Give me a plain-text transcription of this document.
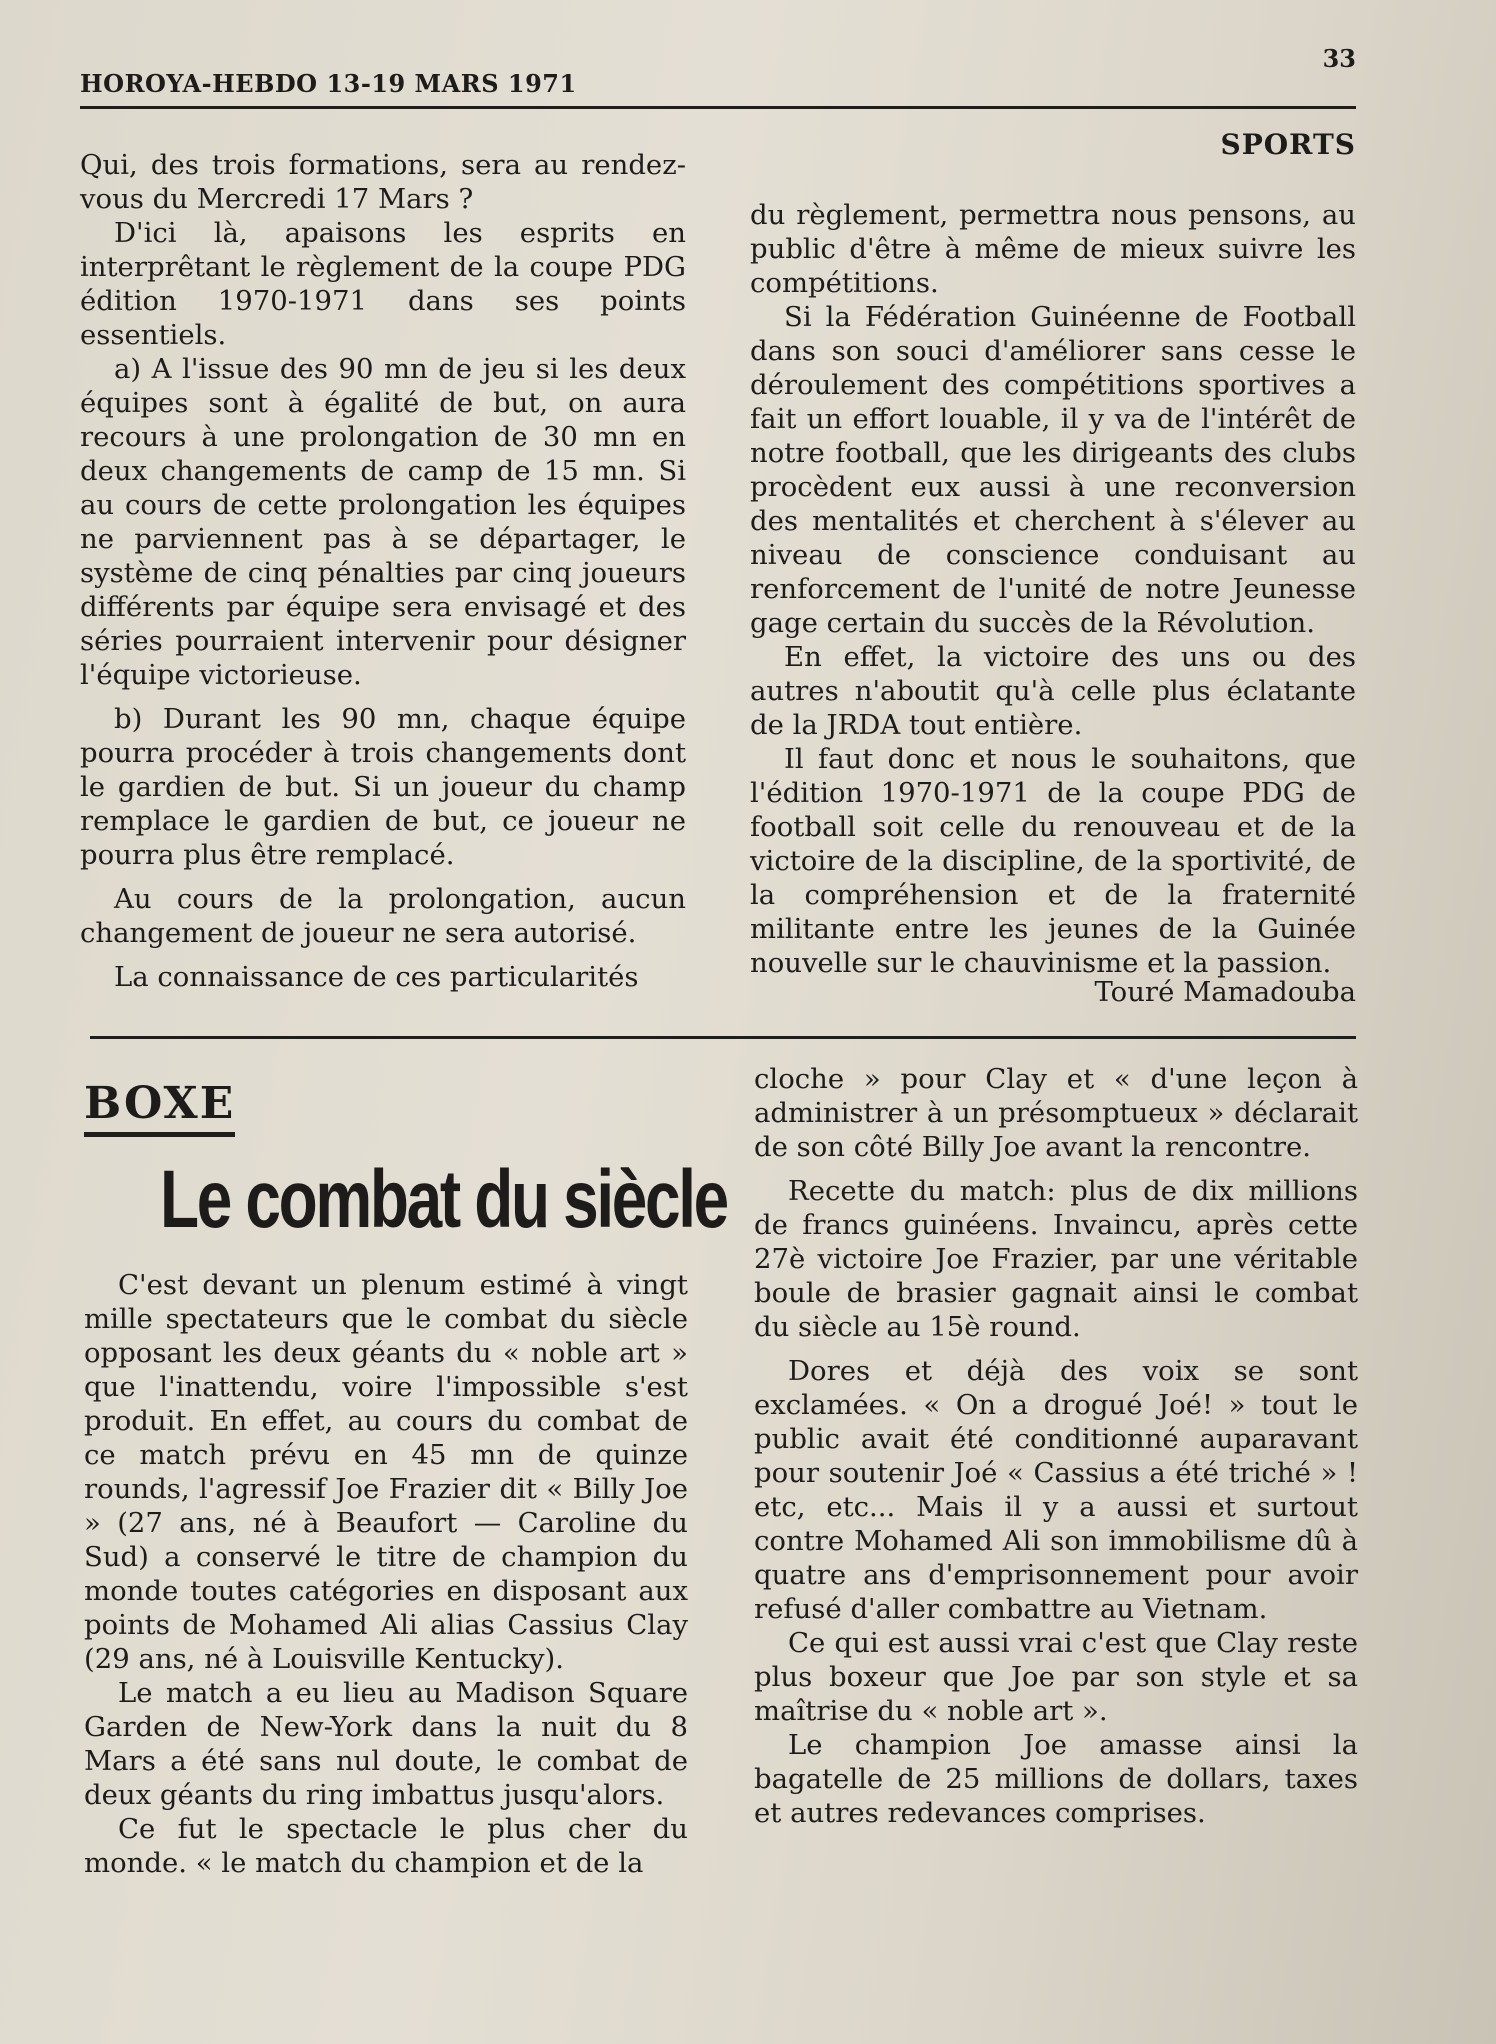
HOROYA-HEBDO 13-19 MARS 1971
33
SPORTS

Qui, des trois formations, sera au rendez-vous du Mercredi 17 Mars ?

D'ici là, apaisons les esprits en interprêtant le règlement de la coupe PDG édition 1970-1971 dans ses points essentiels.

a) A l'issue des 90 mn de jeu si les deux équipes sont à égalité de but, on aura recours à une prolongation de 30 mn en deux changements de camp de 15 mn. Si au cours de cette prolongation les équipes ne parviennent pas à se départager, le système de cinq pénalties par cinq joueurs différents par équipe sera envisagé et des séries pourraient intervenir pour désigner l'équipe victorieuse.

b) Durant les 90 mn, chaque équipe pourra procéder à trois changements dont le gardien de but. Si un joueur du champ remplace le gardien de but, ce joueur ne pourra plus être remplacé.

Au cours de la prolongation, aucun changement de joueur ne sera autorisé.

La connaissance de ces particularités

du règlement, permettra nous pensons, au public d'être à même de mieux suivre les compétitions.

Si la Fédération Guinéenne de Football dans son souci d'améliorer sans cesse le déroulement des compétitions sportives a fait un effort louable, il y va de l'intérêt de notre football, que les dirigeants des clubs procèdent eux aussi à une reconversion des mentalités et cherchent à s'élever au niveau de conscience conduisant au renforcement de l'unité de notre Jeunesse gage certain du succès de la Révolution.

En effet, la victoire des uns ou des autres n'aboutit qu'à celle plus éclatante de la JRDA tout entière.

Il faut donc et nous le souhaitons, que l'édition 1970-1971 de la coupe PDG de football soit celle du renouveau et de la victoire de la discipline, de la sportivité, de la compréhension et de la fraternité militante entre les jeunes de la Guinée nouvelle sur le chauvinisme et la passion.

Touré Mamadouba
BOXE
Le combat du siècle

C'est devant un plenum estimé à vingt mille spectateurs que le combat du siècle opposant les deux géants du « noble art » que l'inattendu, voire l'impossible s'est produit. En effet, au cours du combat de ce match prévu en 45 mn de quinze rounds, l'agressif Joe Frazier dit « Billy Joe » (27 ans, né à Beaufort — Caroline du Sud) a conservé le titre de champion du monde toutes catégories en disposant aux points de Mohamed Ali alias Cassius Clay (29 ans, né à Louisville Kentucky).

Le match a eu lieu au Madison Square Garden de New-York dans la nuit du 8 Mars a été sans nul doute, le combat de deux géants du ring imbattus jusqu'alors.

Ce fut le spectacle le plus cher du monde. « le match du champion et de la

cloche » pour Clay et « d'une leçon à administrer à un présomptueux » déclarait de son côté Billy Joe avant la rencontre.

Recette du match: plus de dix millions de francs guinéens. Invaincu, après cette 27è victoire Joe Frazier, par une véritable boule de brasier gagnait ainsi le combat du siècle au 15è round.

Dores et déjà des voix se sont exclamées. « On a drogué Joé! » tout le public avait été conditionné auparavant pour soutenir Joé « Cassius a été triché » ! etc, etc... Mais il y a aussi et surtout contre Mohamed Ali son immobilisme dû à quatre ans d'emprisonnement pour avoir refusé d'aller combattre au Vietnam.

Ce qui est aussi vrai c'est que Clay reste plus boxeur que Joe par son style et sa maîtrise du « noble art ».

Le champion Joe amasse ainsi la bagatelle de 25 millions de dollars, taxes et autres redevances comprises.
